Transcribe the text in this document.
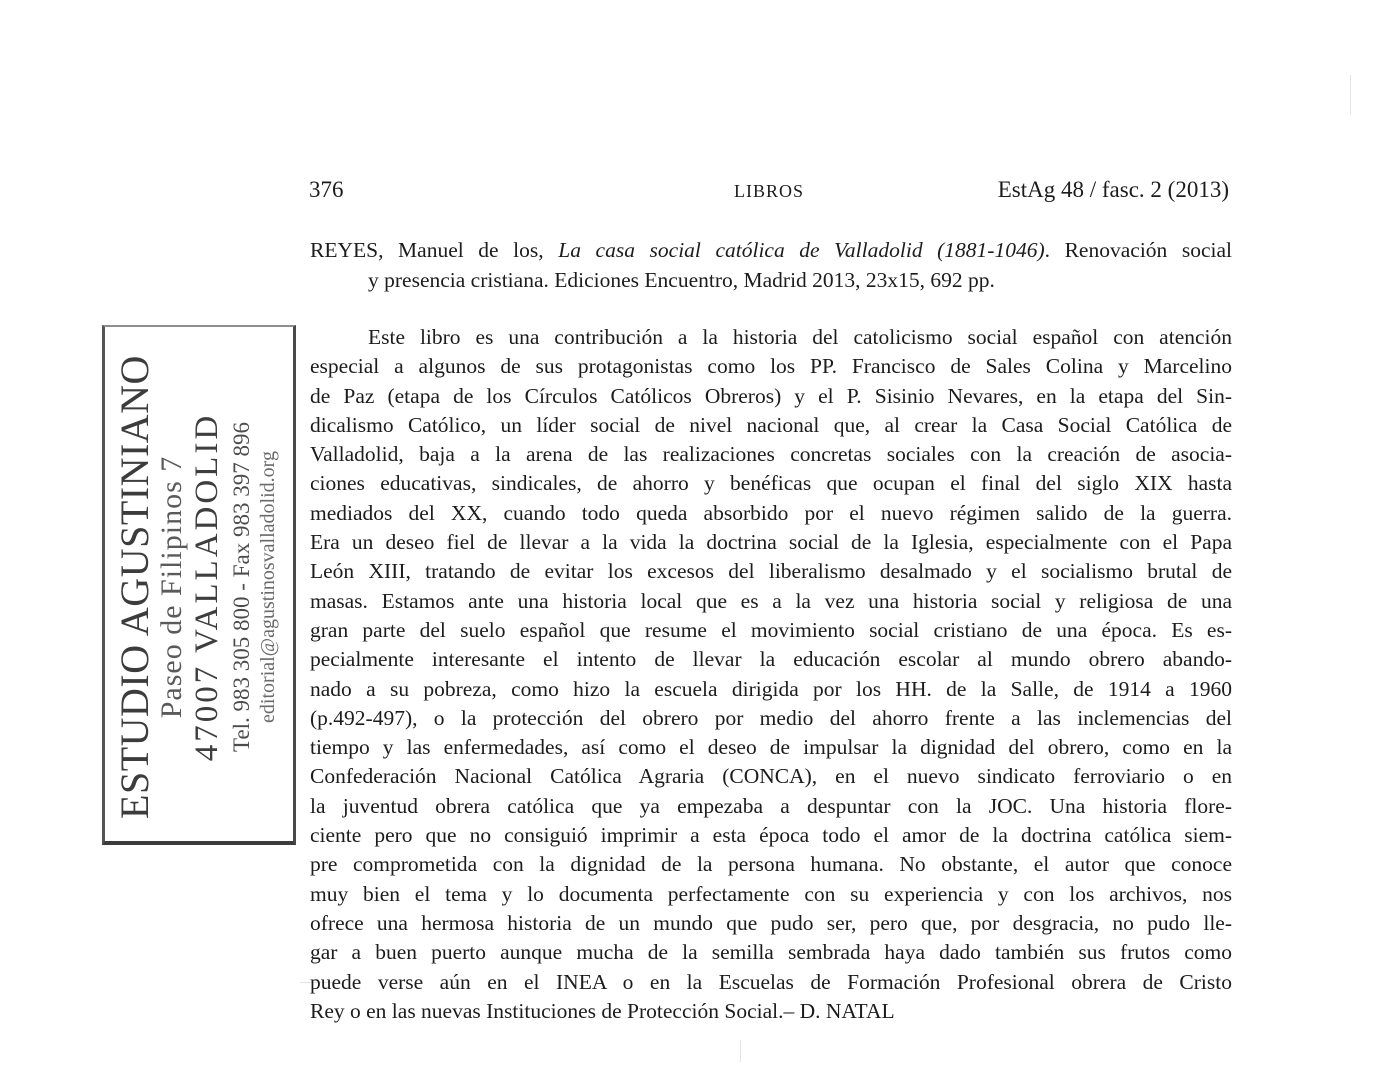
376	LIBROS	EstAg 48 / fasc. 2 (2013)
REYES, Manuel de los, La casa social católica de Valladolid (1881-1046). Renovación social
y presencia cristiana. Ediciones Encuentro, Madrid 2013, 23x15, 692 pp.
Este libro es una contribución a la historia del catolicismo social español con atención
especial a algunos de sus protagonistas como los PP. Francisco de Sales Colina y Marcelino
de Paz (etapa de los Círculos Católicos Obreros) y el P. Sisinio Nevares, en la etapa del Sin-
dicalismo Católico, un líder social de nivel nacional que, al crear la Casa Social Católica de
Valladolid, baja a la arena de las realizaciones concretas sociales con la creación de asocia-
ciones educativas, sindicales, de ahorro y benéficas que ocupan el final del siglo XIX hasta
mediados del XX, cuando todo queda absorbido por el nuevo régimen salido de la guerra.
Era un deseo fiel de llevar a la vida la doctrina social de la Iglesia, especialmente con el Papa
León XIII, tratando de evitar los excesos del liberalismo desalmado y el socialismo brutal de
masas. Estamos ante una historia local que es a la vez una historia social y religiosa de una
gran parte del suelo español que resume el movimiento social cristiano de una época. Es es-
pecialmente interesante el intento de llevar la educación escolar al mundo obrero abando-
nado a su pobreza, como hizo la escuela dirigida por los HH. de la Salle, de 1914 a 1960
(p.492-497), o la protección del obrero por medio del ahorro frente a las inclemencias del
tiempo y las enfermedades, así como el deseo de impulsar la dignidad del obrero, como en la
Confederación Nacional Católica Agraria (CONCA), en el nuevo sindicato ferroviario o en
la juventud obrera católica que ya empezaba a despuntar con la JOC. Una historia flore-
ciente pero que no consiguió imprimir a esta época todo el amor de la doctrina católica siem-
pre comprometida con la dignidad de la persona humana. No obstante, el autor que conoce
muy bien el tema y lo documenta perfectamente con su experiencia y con los archivos, nos
ofrece una hermosa historia de un mundo que pudo ser, pero que, por desgracia, no pudo lle-
gar a buen puerto aunque mucha de la semilla sembrada haya dado también sus frutos como
puede verse aún en el INEA o en la Escuelas de Formación Profesional obrera de Cristo
Rey o en las nuevas Instituciones de Protección Social.– D. NATAL
ESTUDIO AGUSTINIANO
Paseo de Filipinos 7 47007 VALLADOLID Tel. 983 305 800 - Fax 983 397 896 editorial@agustinosvalladolid.org
